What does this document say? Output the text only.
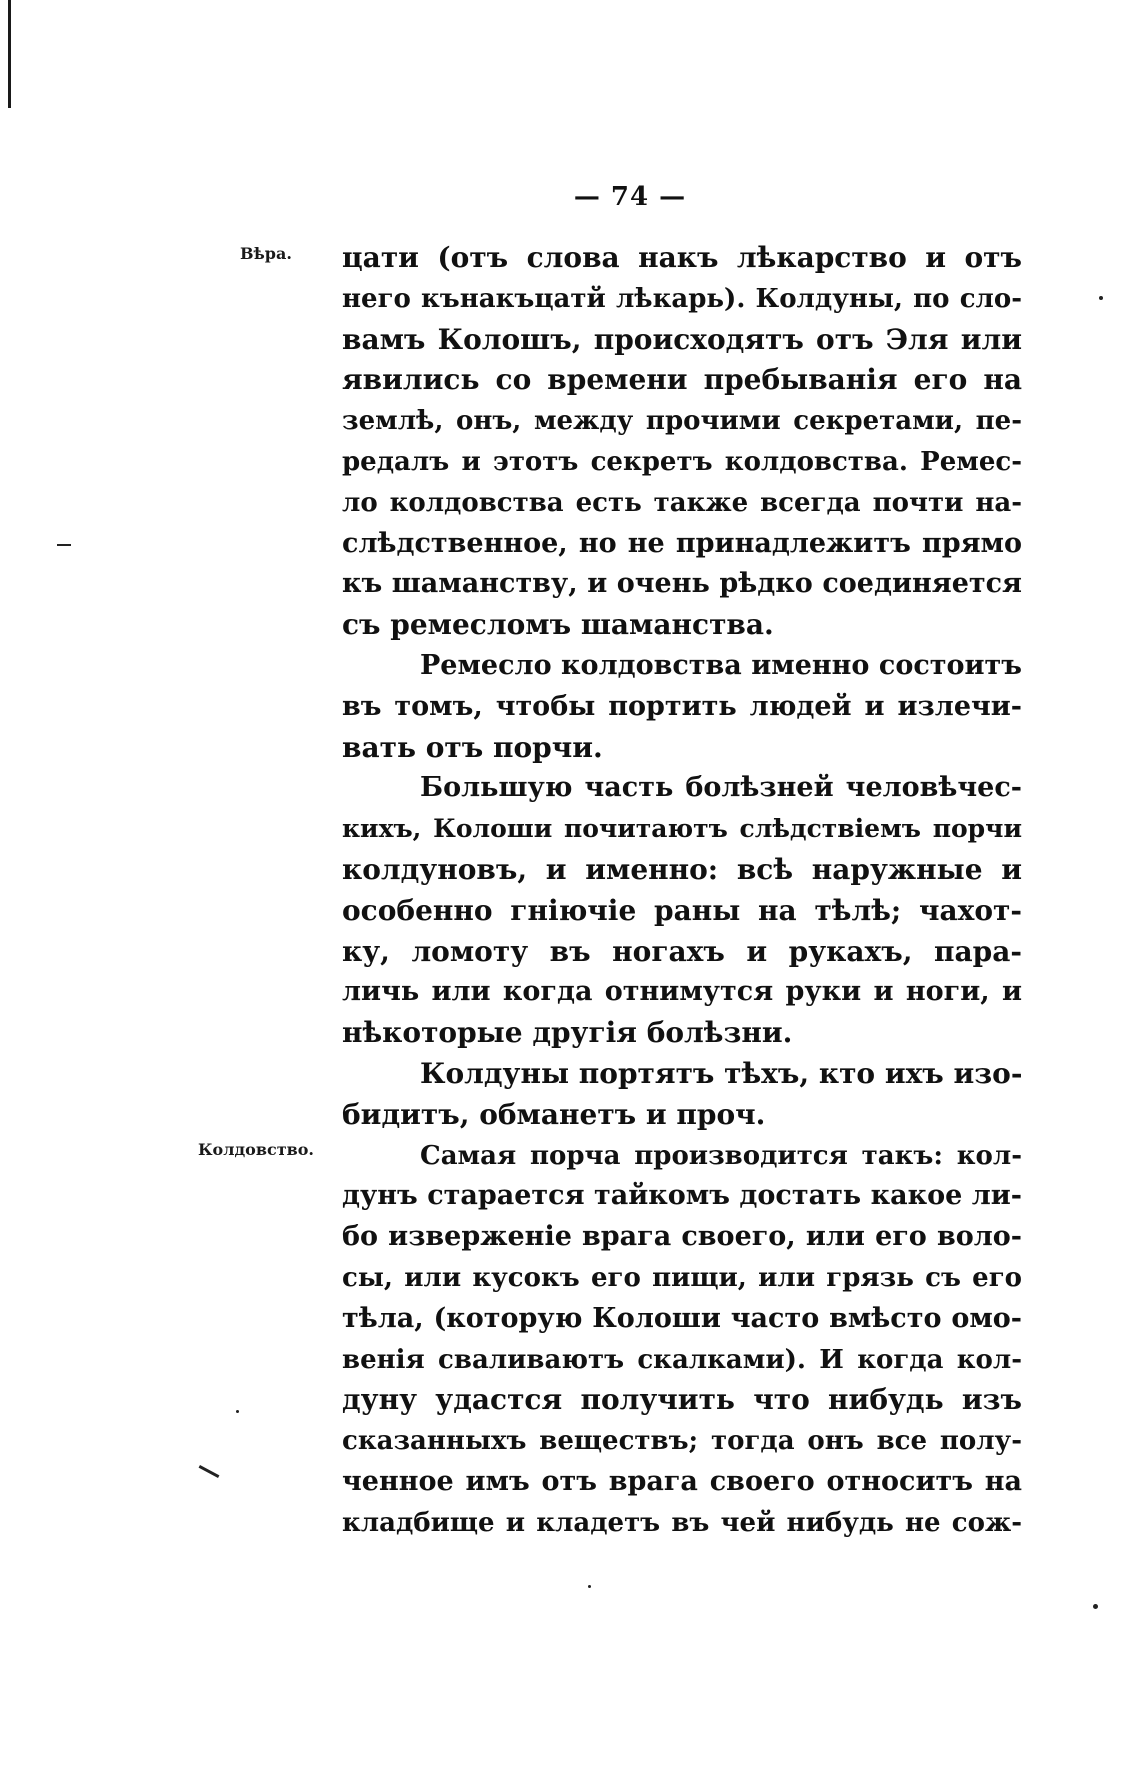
— 74 —
Вѣра.
Колдовство.
цати (отъ слова накъ лѣкарство и отъ
него кънакъцатй лѣкарь). Колдуны, по сло-
вамъ Колошъ, происходятъ отъ Эля или
явились со времени пребыванія его на
землѣ, онъ, между прочими секретами, пе-
редалъ и этотъ секретъ колдовства. Ремес-
ло колдовства есть также всегда почти на-
слѣдственное, но не принадлежитъ прямо
къ шаманству, и очень рѣдко соединяется
съ ремесломъ шаманства.
Ремесло колдовства именно состоитъ
въ томъ, чтобы портить людей и излечи-
вать отъ порчи.
Большую часть болѣзней человѣчес-
кихъ, Колоши почитаютъ слѣдствіемъ порчи
колдуновъ, и именно: всѣ наружные и
особенно гніючіе раны на тѣлѣ; чахот-
ку, ломоту въ ногахъ и рукахъ, пара-
личь или когда отнимутся руки и ноги, и
нѣкоторые другія болѣзни.
Колдуны портятъ тѣхъ, кто ихъ изо-
бидитъ, обманетъ и проч.
Самая порча производится такъ: кол-
дунъ старается тайкомъ достать какое ли-
бо изверженіе врага своего, или его воло-
сы, или кусокъ его пищи, или грязь съ его
тѣла, (которую Колоши часто вмѣсто омо-
венія сваливаютъ скалками). И когда кол-
дуну удастся получить что нибудь изъ
сказанныхъ веществъ; тогда онъ все полу-
ченное имъ отъ врага своего относитъ на
кладбище и кладетъ въ чей нибудь не сож-
